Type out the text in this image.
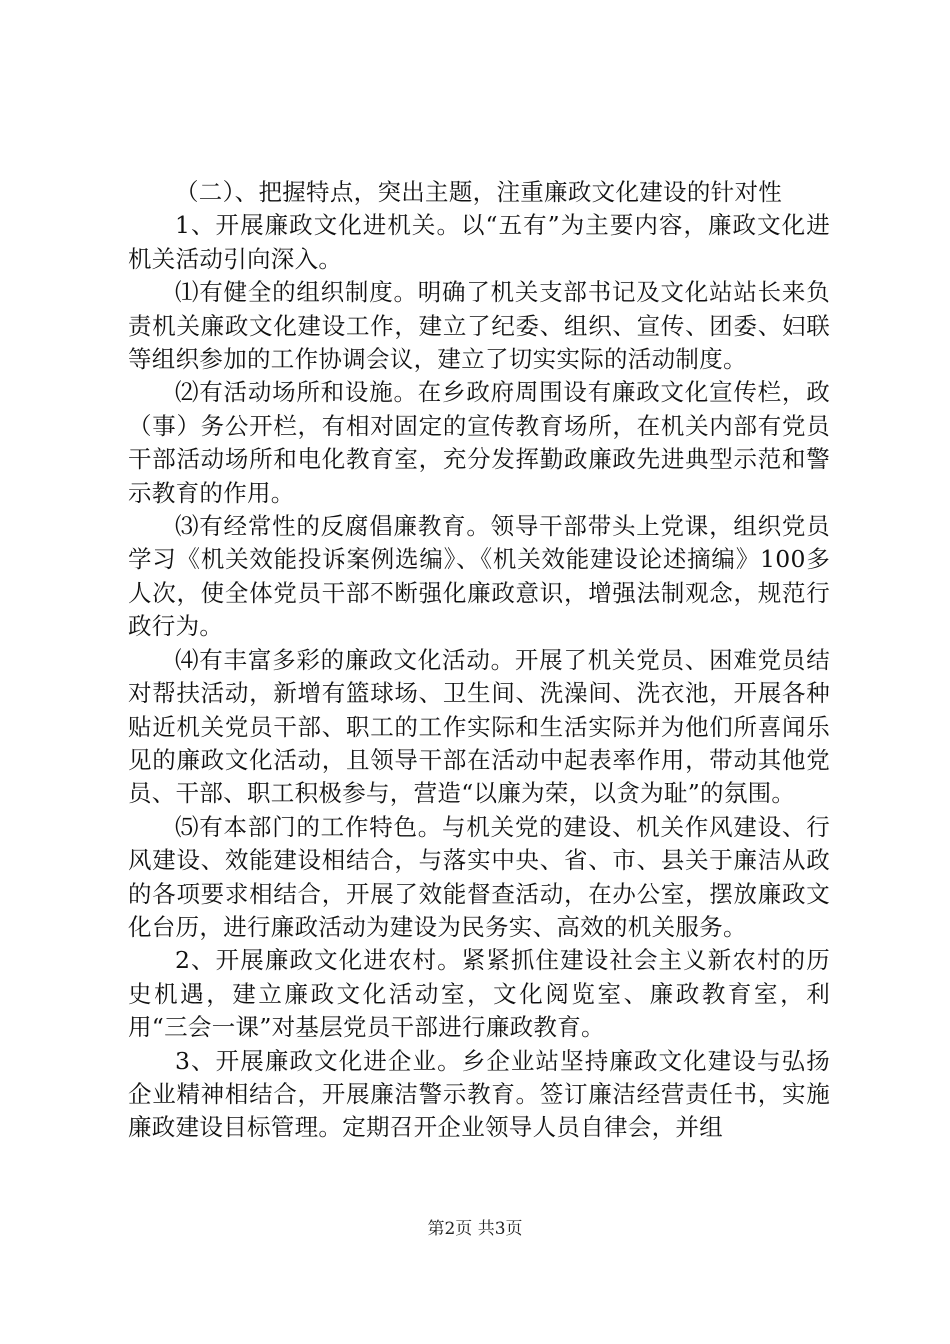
（二）、把握特点，突出主题，注重廉政文化建设的针对性

1、开展廉政文化进机关。以“五有”为主要内容，廉政文化进机关活动引向深入。

⑴有健全的组织制度。明确了机关支部书记及文化站站长来负责机关廉政文化建设工作，建立了纪委、组织、宣传、团委、妇联等组织参加的工作协调会议，建立了切实实际的活动制度。

⑵有活动场所和设施。在乡政府周围设有廉政文化宣传栏，政（事）务公开栏，有相对固定的宣传教育场所，在机关内部有党员干部活动场所和电化教育室，充分发挥勤政廉政先进典型示范和警示教育的作用。

⑶有经常性的反腐倡廉教育。领导干部带头上党课，组织党员学习《机关效能投诉案例选编》、《机关效能建设论述摘编》100多人次，使全体党员干部不断强化廉政意识，增强法制观念，规范行政行为。

⑷有丰富多彩的廉政文化活动。开展了机关党员、困难党员结对帮扶活动，新增有篮球场、卫生间、洗澡间、洗衣池，开展各种贴近机关党员干部、职工的工作实际和生活实际并为他们所喜闻乐见的廉政文化活动，且领导干部在活动中起表率作用，带动其他党员、干部、职工积极参与，营造“以廉为荣，以贪为耻”的氛围。

⑸有本部门的工作特色。与机关党的建设、机关作风建设、行风建设、效能建设相结合，与落实中央、省、市、县关于廉洁从政的各项要求相结合，开展了效能督查活动，在办公室，摆放廉政文化台历，进行廉政活动为建设为民务实、高效的机关服务。

2、开展廉政文化进农村。紧紧抓住建设社会主义新农村的历史机遇，建立廉政文化活动室，文化阅览室、廉政教育室，利用“三会一课”对基层党员干部进行廉政教育。

3、开展廉政文化进企业。乡企业站坚持廉政文化建设与弘扬企业精神相结合，开展廉洁警示教育。签订廉洁经营责任书，实施廉政建设目标管理。定期召开企业领导人员自律会，并组

第2页 共3页
